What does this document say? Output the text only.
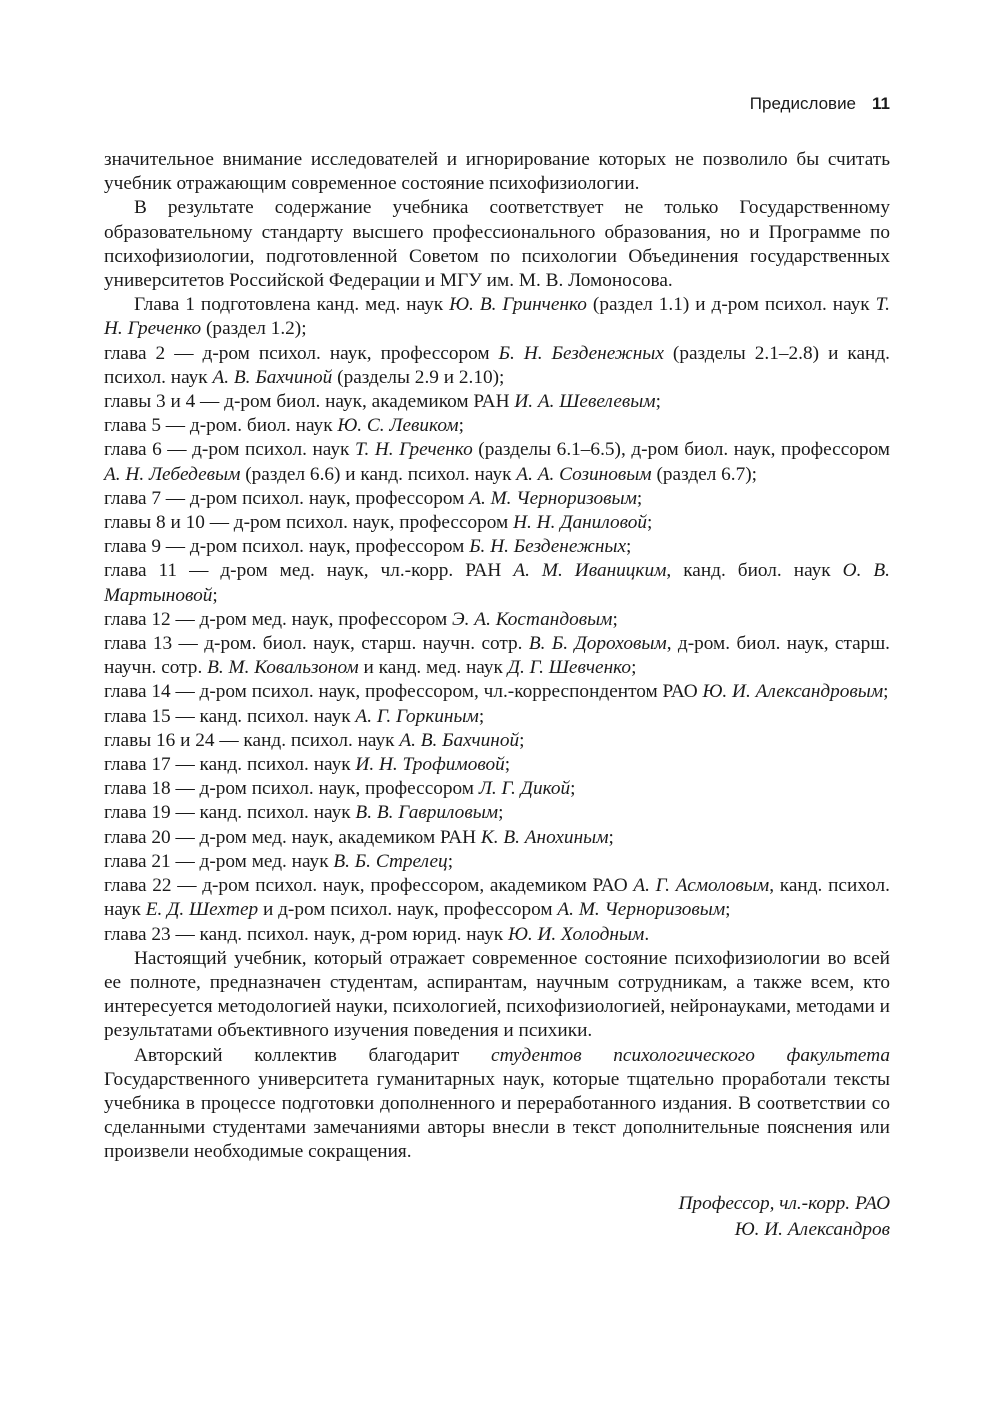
Предисловие 11

значительное внимание исследователей и игнорирование которых не позволило бы считать учебник отражающим современное состояние психофизиологии.

В результате содержание учебника соответствует не только Государственному образовательному стандарту высшего профессионального образования, но и Программе по психофизиологии, подготовленной Советом по психологии Объединения государственных университетов Российской Федерации и МГУ им. М. В. Ломоносова.

Глава 1 подготовлена канд. мед. наук Ю. В. Гринченко (раздел 1.1) и д-ром психол. наук Т. Н. Греченко (раздел 1.2);

глава 2 — д-ром психол. наук, профессором Б. Н. Безденежных (разделы 2.1–2.8) и канд. психол. наук А. В. Бахчиной (разделы 2.9 и 2.10);

главы 3 и 4 — д-ром биол. наук, академиком РАН И. А. Шевелевым;

глава 5 — д-ром. биол. наук Ю. С. Левиком;

глава 6 — д-ром психол. наук Т. Н. Греченко (разделы 6.1–6.5), д-ром биол. наук, профессором А. Н. Лебедевым (раздел 6.6) и канд. психол. наук А. А. Созиновым (раздел 6.7);

глава 7 — д-ром психол. наук, профессором А. М. Черноризовым;

главы 8 и 10 — д-ром психол. наук, профессором Н. Н. Даниловой;

глава 9 — д-ром психол. наук, профессором Б. Н. Безденежных;

глава 11 — д-ром мед. наук, чл.-корр. РАН А. М. Иваницким, канд. биол. наук О. В. Мартыновой;

глава 12 — д-ром мед. наук, профессором Э. А. Костандовым;

глава 13 — д-ром. биол. наук, старш. научн. сотр. В. Б. Дороховым, д-ром. биол. наук, старш. научн. сотр. В. М. Ковальзоном и канд. мед. наук Д. Г. Шевченко;

глава 14 — д-ром психол. наук, профессором, чл.-корреспондентом РАО Ю. И. Александровым;

глава 15 — канд. психол. наук А. Г. Горкиным;

главы 16 и 24 — канд. психол. наук А. В. Бахчиной;

глава 17 — канд. психол. наук И. Н. Трофимовой;

глава 18 — д-ром психол. наук, профессором Л. Г. Дикой;

глава 19 — канд. психол. наук В. В. Гавриловым;

глава 20 — д-ром мед. наук, академиком РАН К. В. Анохиным;

глава 21 — д-ром мед. наук В. Б. Стрелец;

глава 22 — д-ром психол. наук, профессором, академиком РАО А. Г. Асмоловым, канд. психол. наук Е. Д. Шехтер и д-ром психол. наук, профессором А. М. Черноризовым;

глава 23 — канд. психол. наук, д-ром юрид. наук Ю. И. Холодным.

Настоящий учебник, который отражает современное состояние психофизиологии во всей ее полноте, предназначен студентам, аспирантам, научным сотрудникам, а также всем, кто интересуется методологией науки, психологией, психофизиологией, нейронауками, методами и результатами объективного изучения поведения и психики.

Авторский коллектив благодарит студентов психологического факультета Государственного университета гуманитарных наук, которые тщательно проработали тексты учебника в процессе подготовки дополненного и переработанного издания. В соответствии со сделанными студентами замечаниями авторы внесли в текст дополнительные пояснения или произвели необходимые сокращения.

Профессор, чл.-корр. РАО
Ю. И. Александров
